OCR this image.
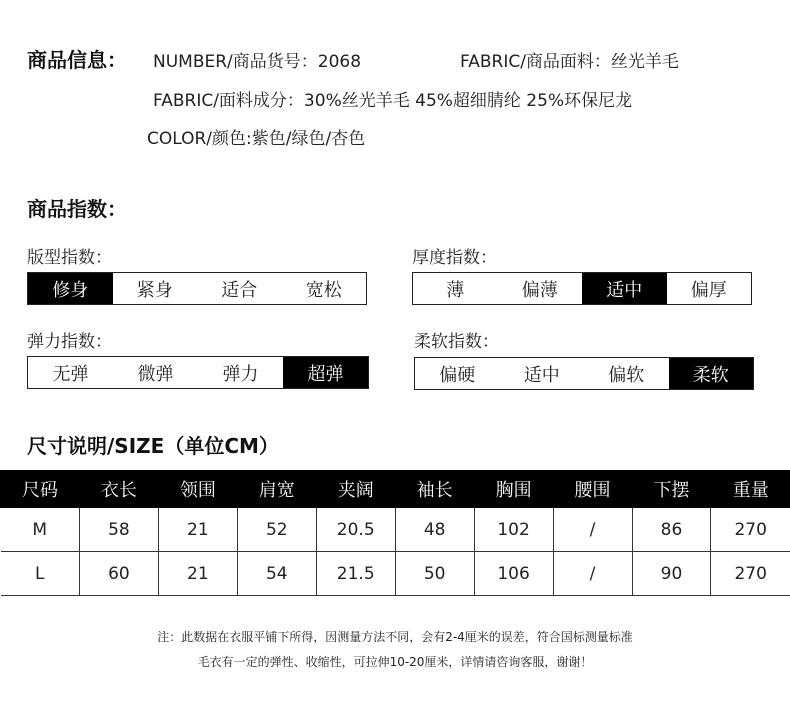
商品信息： NUMBER/商品货号：2068	FABRIC/商品面料：丝光羊毛
FABRIC/面料成分：30%丝光羊毛 45%超细腈纶 25%环保尼龙
COLOR/颜色:紫色/绿色/杏色
商品指数：
版型指数：
修身	紧身	适合	宽松
厚度指数：
薄	偏薄	适中	偏厚
弹力指数：
无弹	微弹	弹力	超弹
柔软指数：
偏硬	适中	偏软	柔软
尺寸说明/SIZE（单位CM）
尺码	衣长	领围	肩宽	夹阔	袖长	胸围	腰围	下摆	重量
M	58	21	52	20.5	48	102	/	86	270
L	60	21	54	21.5	50	106	/	90	270
注：此数据在衣服平铺下所得，因测量方法不同，会有2-4厘米的误差，符合国标测量标准
毛衣有一定的弹性、收缩性，可拉伸10-20厘米，详情请咨询客服，谢谢！
